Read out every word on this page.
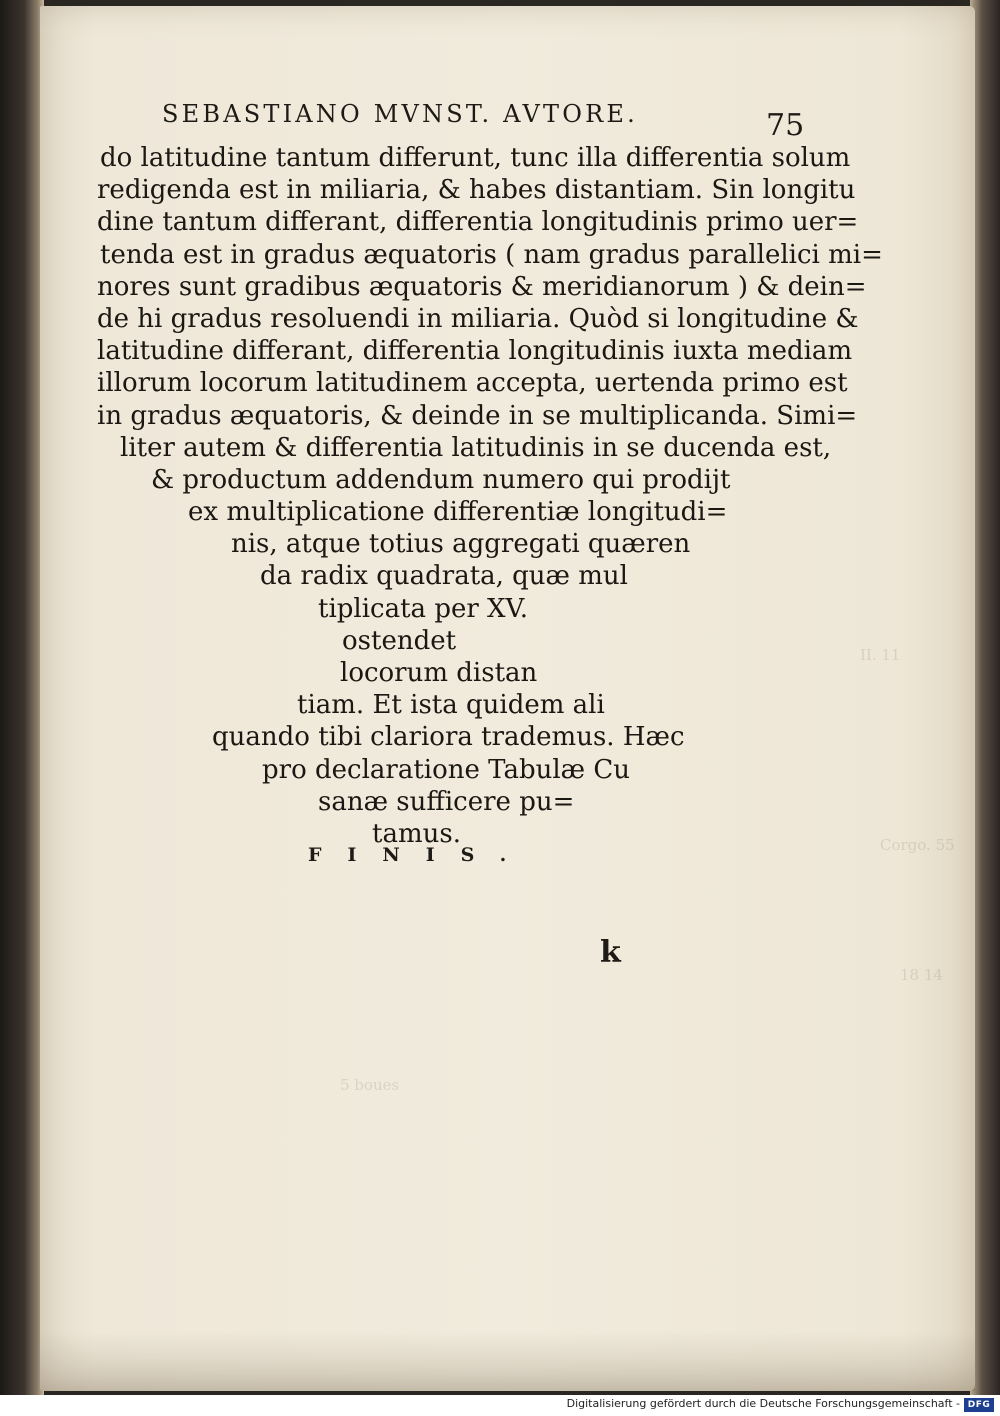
II. 11
Corgo. 55
18 14
5 boues
SEBASTIANO MVNST. AVTORE.	75
do latitudine tantum differunt, tunc illa differentia solum
redigenda est in miliaria, & habes distantiam. Sin longitu
dine tantum differant, differentia longitudinis primo uer=
tenda est in gradus æquatoris ( nam gradus parallelici mi=
nores sunt gradibus æquatoris & meridianorum ) & dein=
de hi gradus resoluendi in miliaria. Quòd si longitudine &
latitudine differant, differentia longitudinis iuxta mediam
illorum locorum latitudinem accepta, uertenda primo est
in gradus æquatoris, & deinde in se multiplicanda. Simi=
liter autem & differentia latitudinis in se ducenda est,
& productum addendum numero qui prodijt
ex multiplicatione differentiæ longitudi=
nis, atque totius aggregati quæren
da radix quadrata, quæ mul
tiplicata per XV.
ostendet
locorum distan
tiam. Et ista quidem ali
quando tibi clariora trademus. Hæc
pro declaratione Tabulæ Cu
sanæ sufficere pu=
tamus.
FINIS.
k
Digitalisierung gefördert durch die Deutsche Forschungsgemeinschaft - DFG
